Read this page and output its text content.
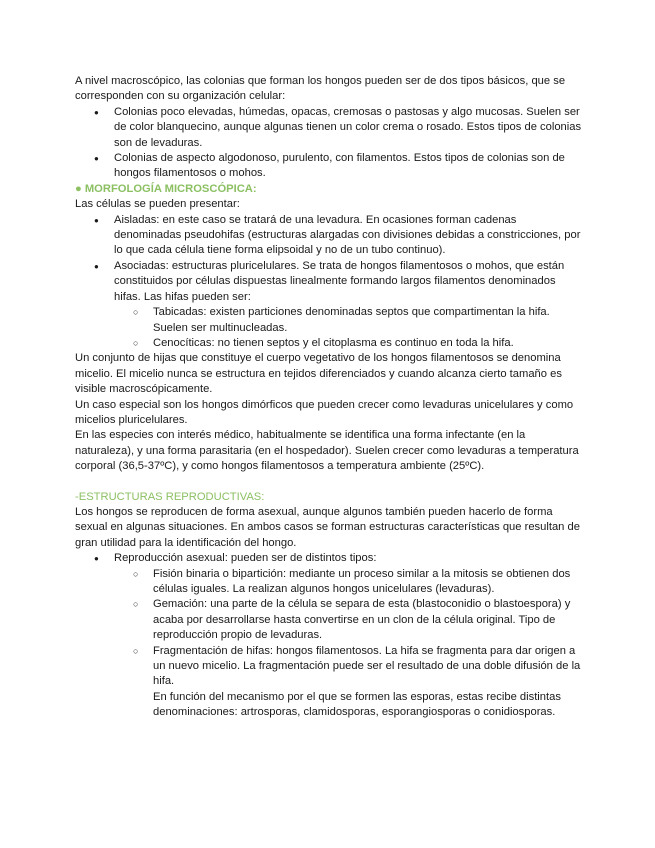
A nivel macroscópico, las colonias que forman los hongos pueden ser de dos tipos básicos, que se corresponden con su organización celular:

● Colonias poco elevadas, húmedas, opacas, cremosas o pastosas y algo mucosas. Suelen ser de color blanquecino, aunque algunas tienen un color crema o rosado. Estos tipos de colonias son de levaduras.
● Colonias de aspecto algodonoso, purulento, con filamentos. Estos tipos de colonias son de hongos filamentosos o mohos.

● MORFOLOGÍA MICROSCÓPICA:

Las células se pueden presentar:

● Aisladas: en este caso se tratará de una levadura. En ocasiones forman cadenas denominadas pseudohifas (estructuras alargadas con divisiones debidas a constricciones, por lo que cada célula tiene forma elipsoidal y no de un tubo continuo).
● Asociadas: estructuras pluricelulares. Se trata de hongos filamentosos o mohos, que están constituidos por células dispuestas linealmente formando largos filamentos denominados hifas. Las hifas pueden ser:
○ Tabicadas: existen particiones denominadas septos que compartimentan la hifa. Suelen ser multinucleadas.
○ Cenocíticas: no tienen septos y el citoplasma es continuo en toda la hifa.

Un conjunto de hijas que constituye el cuerpo vegetativo de los hongos filamentosos se denomina micelio. El micelio nunca se estructura en tejidos diferenciados y cuando alcanza cierto tamaño es visible macroscópicamente.

Un caso especial son los hongos dimórficos que pueden crecer como levaduras unicelulares y como micelios pluricelulares.

En las especies con interés médico, habitualmente se identifica una forma infectante (en la naturaleza), y una forma parasitaria (en el hospedador). Suelen crecer como levaduras a temperatura corporal (36,5-37ºC), y como hongos filamentosos a temperatura ambiente (25ºC).

-ESTRUCTURAS REPRODUCTIVAS:

Los hongos se reproducen de forma asexual, aunque algunos también pueden hacerlo de forma sexual en algunas situaciones. En ambos casos se forman estructuras características que resultan de gran utilidad para la identificación del hongo.

● Reproducción asexual: pueden ser de distintos tipos:
○ Fisión binaria o bipartición: mediante un proceso similar a la mitosis se obtienen dos células iguales. La realizan algunos hongos unicelulares (levaduras).
○ Gemación: una parte de la célula se separa de esta (blastoconidio o blastoespora) y acaba por desarrollarse hasta convertirse en un clon de la célula original. Tipo de reproducción propio de levaduras.
○ Fragmentación de hifas: hongos filamentosos. La hifa se fragmenta para dar origen a un nuevo micelio. La fragmentación puede ser el resultado de una doble difusión de la hifa.

En función del mecanismo por el que se formen las esporas, estas recibe distintas denominaciones: artrosporas, clamidosporas, esporangiosporas o conidiosporas.
